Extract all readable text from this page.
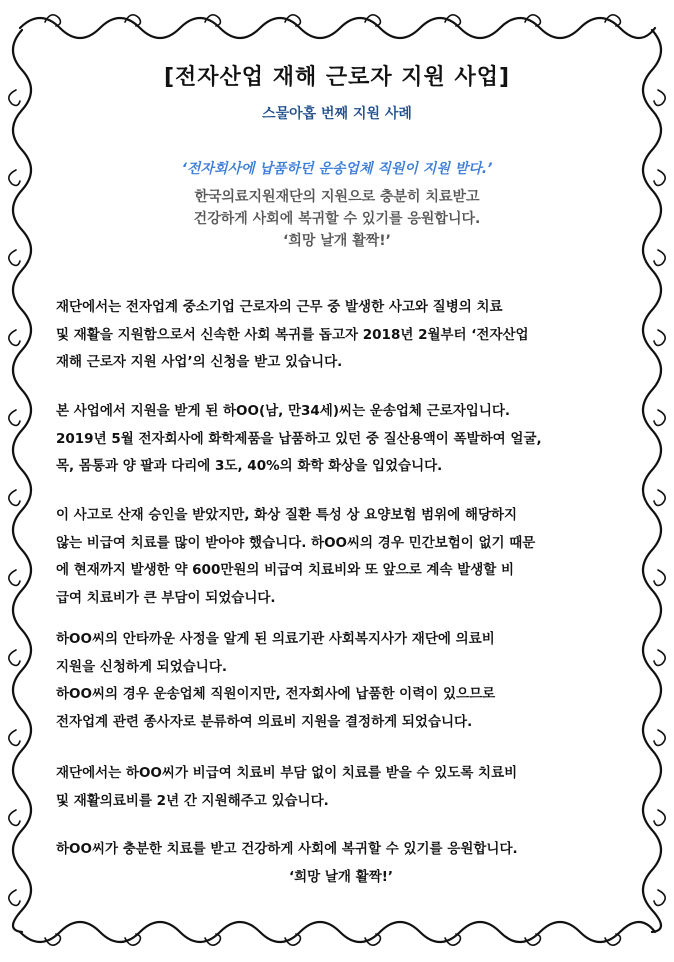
[전자산업 재해 근로자 지원 사업]
스물아홉 번째 지원 사례
‘전자회사에 납품하던 운송업체 직원이 지원 받다.’
한국의료지원재단의 지원으로 충분히 치료받고
건강하게 사회에 복귀할 수 있기를 응원합니다.
‘희망 날개 활짝!’
재단에서는 전자업계 중소기업 근로자의 근무 중 발생한 사고와 질병의 치료
및 재활을 지원함으로서 신속한 사회 복귀를 돕고자 2018년 2월부터 ‘전자산업
재해 근로자 지원 사업’의 신청을 받고 있습니다.
본 사업에서 지원을 받게 된 하OO(남, 만34세)씨는 운송업체 근로자입니다.
2019년 5월 전자회사에 화학제품을 납품하고 있던 중 질산용액이 폭발하여 얼굴,
목, 몸통과 양 팔과 다리에 3도, 40%의 화학 화상을 입었습니다.
이 사고로 산재 승인을 받았지만, 화상 질환 특성 상 요양보험 범위에 해당하지
않는 비급여 치료를 많이 받아야 했습니다. 하OO씨의 경우 민간보험이 없기 때문
에 현재까지 발생한 약 600만원의 비급여 치료비와 또 앞으로 계속 발생할 비
급여 치료비가 큰 부담이 되었습니다.
하OO씨의 안타까운 사정을 알게 된 의료기관 사회복지사가 재단에 의료비
지원을 신청하게 되었습니다.
하OO씨의 경우 운송업체 직원이지만, 전자회사에 납품한 이력이 있으므로
전자업계 관련 종사자로 분류하여 의료비 지원을 결정하게 되었습니다.
재단에서는 하OO씨가 비급여 치료비 부담 없이 치료를 받을 수 있도록 치료비
및 재활의료비를 2년 간 지원해주고 있습니다.
하OO씨가 충분한 치료를 받고 건강하게 사회에 복귀할 수 있기를 응원합니다.
‘희망 날개 활짝!’
